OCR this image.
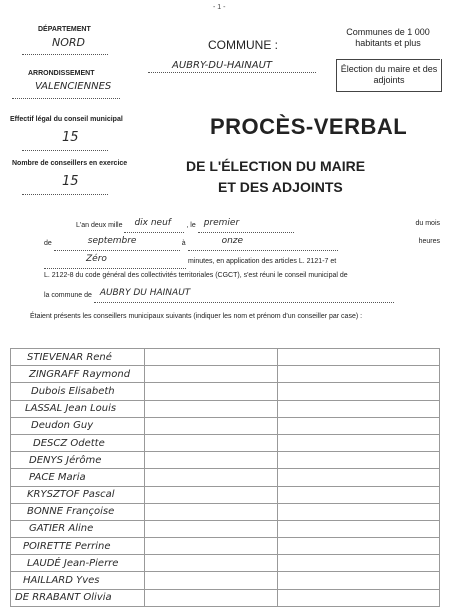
- 1 -
DÉPARTEMENT
NORD
ARRONDISSEMENT
VALENCIENNES
Effectif légal du conseil municipal
15
Nombre de conseillers en exercice
15
COMMUNE :
AUBRY-DU-HAINAUT
Communes de 1 000 habitants et plus
Élection du maire et des adjoints
PROCÈS-VERBAL
DE L'ÉLECTION DU MAIRE
ET DES ADJOINTS
L'an deux mille dix neuf , le premier	du mois
de	septembre	à	onze	heures
Zéro	minutes, en application des articles L. 2121-7 et
L. 2122-8 du code général des collectivités territoriales (CGCT), s'est réuni le conseil municipal de
la commune de AUBRY DU HAINAUT
Étaient présents les conseillers municipaux suivants (indiquer les nom et prénom d'un conseiller par case) :
STIEVENAR René		

ZINGRAFF Raymond		

Dubois Elisabeth		

LASSAL Jean Louis		

Deudon Guy		

DESCZ Odette		

DENYS Jérôme		

PACE Maria		

KRYSZTOF Pascal		

BONNE Françoise		

GATIER Aline		

POIRETTE Perrine		

LAUDÉ Jean-Pierre		

HAILLARD Yves		

DE RRABANT Olivia		
